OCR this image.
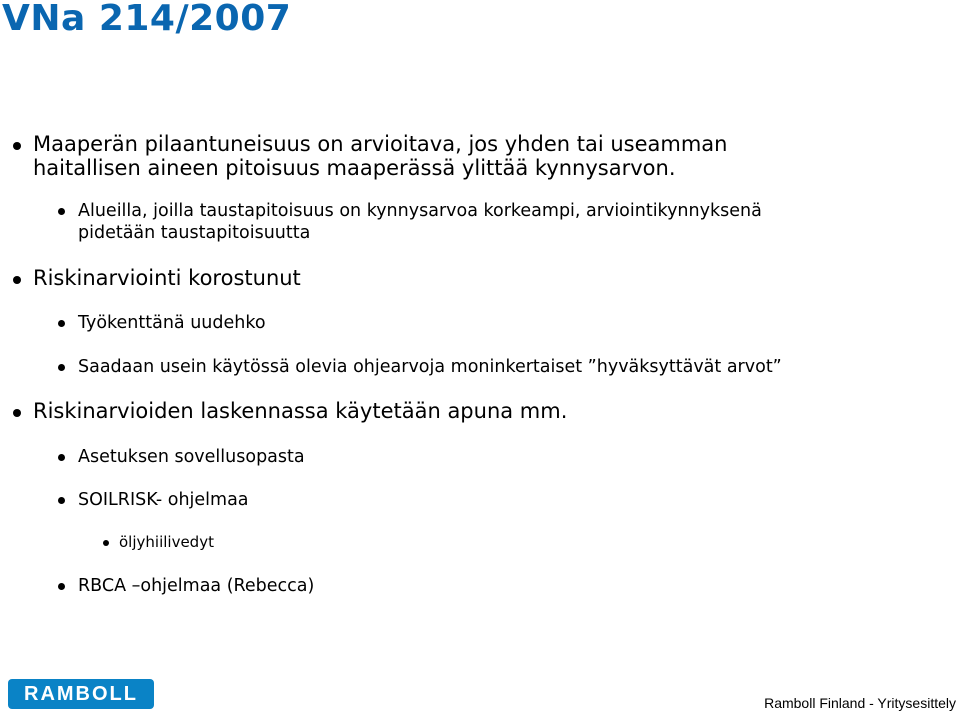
VNa 214/2007
Maaperän pilaantuneisuus on arvioitava, jos yhden tai useamman
haitallisen aineen pitoisuus maaperässä ylittää kynnysarvon.
Alueilla, joilla taustapitoisuus on kynnysarvoa korkeampi, arviointikynnyksenä
pidetään taustapitoisuutta
Riskinarviointi korostunut
Työkenttänä uudehko
Saadaan usein käytössä olevia ohjearvoja moninkertaiset ”hyväksyttävät arvot”
Riskinarvioiden laskennassa käytetään apuna mm.
Asetuksen sovellusopasta
SOILRISK- ohjelmaa
öljyhiilivedyt
RBCA –ohjelmaa (Rebecca)
RAMBOLL	Ramboll Finland - Yritysesittely
